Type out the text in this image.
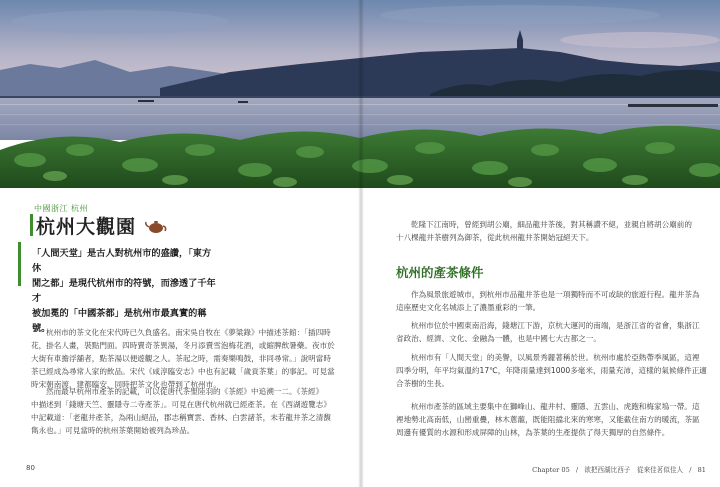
中國浙江 杭州
杭州大觀園
「人間天堂」是古人對杭州市的盛讚，「東方休
閒之都」是現代杭州市的符號，而滲透了千年才
被加冕的「中國茶都」是杭州市最真實的稱號。
杭州市的茶文化在宋代時已久負盛名。南宋吳自牧在《夢粱錄》中描述茶館：「插四時
花，掛名人畫，裝點門面。四時賣奇茶異湯，冬月添賣雪泡梅花酒，或縮脾飲暑藥。夜市於
大街有車擔浮舖者，點茶湯以便遊觀之人。茶起之時，需奏樂鳴鼓，非同尋常。」說明當時
茶已經成為尋常人家的飲品。宋代《咸淳臨安志》中也有記載「歲貢茶葉」的事記。可見當
時宋朝南渡，建都臨安，同時把茶文化也帶到了杭州市。
然而最早杭州市產茶的記載，可以從唐代茶聖陸羽的《茶經》中追溯一二。《茶經》
中描述到「錢塘天竺、靈隱寺二寺產茶」。可見在唐代杭州就已經產茶。在《西湖遊覽志》
中記載道：「老龍井產茶，為兩山絕品，郡志稱寶雲、香林、白雲諸茶，未若龍井茶之清馥
雋永也。」可見當時的杭州茶葉開始被列為珍品。
80
乾隆下江南時，曾經到胡公廟，細品龍井茶後，對其稱讚不絕，並親自將胡公廟前的
十八棵龍井茶樹列為御茶，從此杭州龍井茶開始冠絕天下。
杭州的產茶條件
作為風景旅遊城市，到杭州市品龍井茶也是一項獨特而不可或缺的旅遊行程。龍井茶為
這座歷史文化名城添上了濃墨重彩的一筆。
杭州市位於中國東南沿海，錢塘江下游，京杭大運河的南端，是浙江省的省會，集浙江
省政治、經濟、文化、金融為一體，也是中國七大古都之一。
杭州市有「人間天堂」的美譽，以風景秀麗著稱於世。杭州市處於亞熱帶季風區，這裡
四季分明，年平均氣溫約17℃，年降雨量達到1000多毫米，雨量充沛，這樣的氣候條件正適
合茶樹的生長。
杭州市產茶的區域主要集中在獅峰山、龍井村、靈隱、五雲山、虎跑和梅家塢一帶。這
裡地勢北高南低，山巒重疊，林木蔥蘢，既能阻擋北來的寒寒，又能截住南方的暖流，茶區
周邊有優質的水源和形成屏障的山林，為茶葉的生產提供了得天獨厚的自然條件。
Chapter 05 / 欲把西湖比西子　從來佳茗似佳人 / 81
